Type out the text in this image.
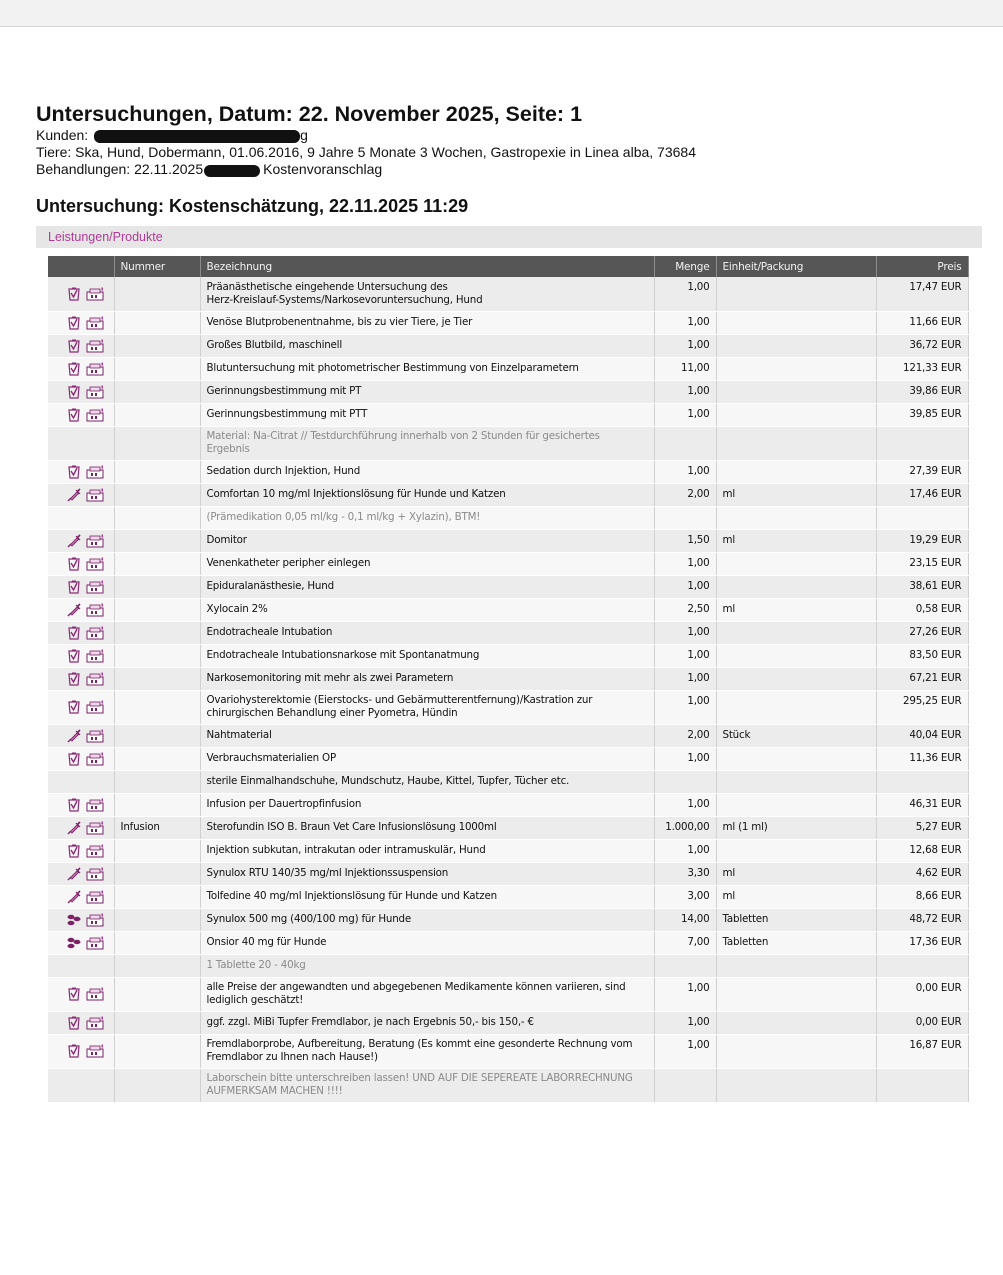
Untersuchungen, Datum: 22. November 2025, Seite: 1
Kunden:	g
Tiere: Ska, Hund, Dobermann, 01.06.2016, 9 Jahre 5 Monate 3 Wochen, Gastropexie in Linea alba, 73684
Behandlungen: 22.11.2025	Kostenvoranschlag
Untersuchung: Kostenschätzung, 22.11.2025 11:29
Leistungen/Produkte
	Nummer	Bezeichnung	Menge	Einheit/Packung	Preis
		Präanästhetische eingehende Untersuchung des
Herz-Kreislauf-Systems/Narkosevoruntersuchung, Hund	1,00		17,47 EUR
		Venöse Blutprobenentnahme, bis zu vier Tiere, je Tier	1,00		11,66 EUR
		Großes Blutbild, maschinell	1,00		36,72 EUR
		Blutuntersuchung mit photometrischer Bestimmung von Einzelparametern	11,00		121,33 EUR
		Gerinnungsbestimmung mit PT	1,00		39,86 EUR
		Gerinnungsbestimmung mit PTT	1,00		39,85 EUR
		Material: Na-Citrat // Testdurchführung innerhalb von 2 Stunden für gesichertes
Ergebnis			
		Sedation durch Injektion, Hund	1,00		27,39 EUR
		Comfortan 10 mg/ml Injektionslösung für Hunde und Katzen	2,00	ml	17,46 EUR
		(Prämedikation 0,05 ml/kg - 0,1 ml/kg + Xylazin), BTM!			
		Domitor	1,50	ml	19,29 EUR
		Venenkatheter peripher einlegen	1,00		23,15 EUR
		Epiduralanästhesie, Hund	1,00		38,61 EUR
		Xylocain 2%	2,50	ml	0,58 EUR
		Endotracheale Intubation	1,00		27,26 EUR
		Endotracheale Intubationsnarkose mit Spontanatmung	1,00		83,50 EUR
		Narkosemonitoring mit mehr als zwei Parametern	1,00		67,21 EUR
		Ovariohysterektomie (Eierstocks- und Gebärmutterentfernung)/Kastration zur
chirurgischen Behandlung einer Pyometra, Hündin	1,00		295,25 EUR
		Nahtmaterial	2,00	Stück	40,04 EUR
		Verbrauchsmaterialien OP	1,00		11,36 EUR
		sterile Einmalhandschuhe, Mundschutz, Haube, Kittel, Tupfer, Tücher etc.			
		Infusion per Dauertropfinfusion	1,00		46,31 EUR
	Infusion	Sterofundin ISO B. Braun Vet Care Infusionslösung 1000ml	1.000,00	ml (1 ml)	5,27 EUR
		Injektion subkutan, intrakutan oder intramuskulär, Hund	1,00		12,68 EUR
		Synulox RTU 140/35 mg/ml Injektionssuspension	3,30	ml	4,62 EUR
		Tolfedine 40 mg/ml Injektionslösung für Hunde und Katzen	3,00	ml	8,66 EUR
		Synulox 500 mg (400/100 mg) für Hunde	14,00	Tabletten	48,72 EUR
		Onsior 40 mg für Hunde	7,00	Tabletten	17,36 EUR
		1 Tablette 20 - 40kg			
		alle Preise der angewandten und abgegebenen Medikamente können variieren, sind
lediglich geschätzt!	1,00		0,00 EUR
		ggf. zzgl. MiBi Tupfer Fremdlabor, je nach Ergebnis 50,- bis 150,- €	1,00		0,00 EUR
		Fremdlaborprobe, Aufbereitung, Beratung (Es kommt eine gesonderte Rechnung vom
Fremdlabor zu Ihnen nach Hause!)	1,00		16,87 EUR
		Laborschein bitte unterschreiben lassen! UND AUF DIE SEPEREATE LABORRECHNUNG
AUFMERKSAM MACHEN !!!!			
